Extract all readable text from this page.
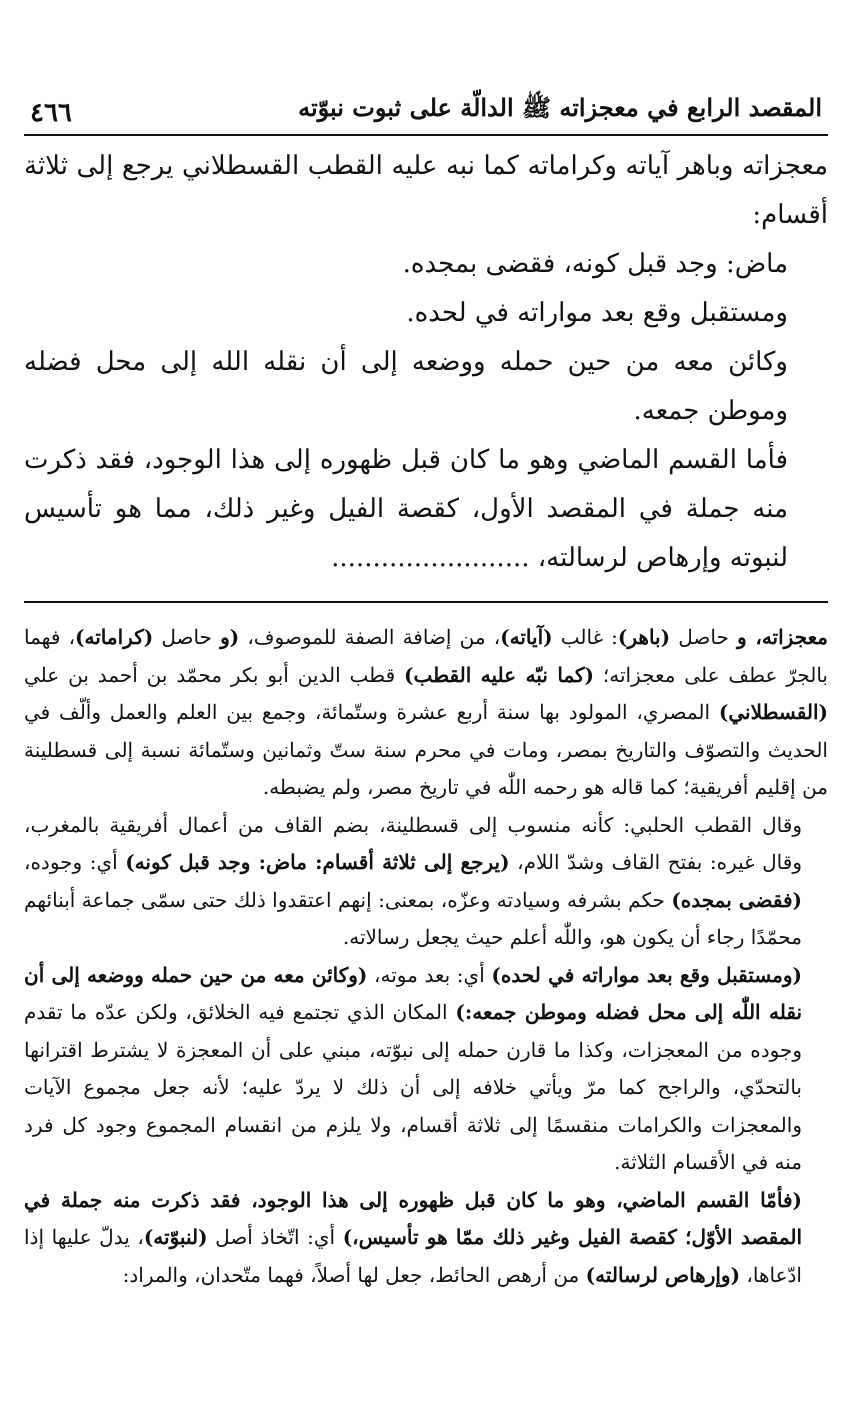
المقصد الرابع في معجزاته ﷺ الدالّة على ثبوت نبوّته
٤٦٦

معجزاته وباهر آياته وكراماته كما نبه عليه القطب القسطلاني يرجع إلى ثلاثة أقسام:

ماض: وجد قبل كونه، فقضى بمجده.

ومستقبل وقع بعد مواراته في لحده.

وكائن معه من حين حمله ووضعه إلى أن نقله الله إلى محل فضله وموطن جمعه.

فأما القسم الماضي وهو ما كان قبل ظهوره إلى هذا الوجود، فقد ذكرت منه جملة في المقصد الأول، كقصة الفيل وغير ذلك، مما هو تأسيس لنبوته وإرهاص لرسالته، ........................

معجزاته، و حاصل (باهر): غالب (آياته)، من إضافة الصفة للموصوف، (و حاصل (كراماته)، فهما بالجرّ عطف على معجزاته؛ (كما نبّه عليه القطب) قطب الدين أبو بكر محمّد بن أحمد بن علي (القسطلاني) المصري، المولود بها سنة أربع عشرة وستّمائة، وجمع بين العلم والعمل وألّف في الحديث والتصوّف والتاريخ بمصر، ومات في محرم سنة ستّ وثمانين وستّمائة نسبة إلى قسطلينة من إقليم أفريقية؛ كما قاله هو رحمه اللّٰه في تاريخ مصر، ولم يضبطه.

وقال القطب الحلبي: كأنه منسوب إلى قسطلينة، بضم القاف من أعمال أفريقية بالمغرب، وقال غيره: بفتح القاف وشدّ اللام، (يرجع إلى ثلاثة أقسام: ماض: وجد قبل كونه) أي: وجوده، (فقضى بمجده) حكم بشرفه وسيادته وعزّه، بمعنى: إنهم اعتقدوا ذلك حتى سمّى جماعة أبنائهم محمّدًا رجاء أن يكون هو، واللّٰه أعلم حيث يجعل رسالاته.

(ومستقبل وقع بعد مواراته في لحده) أي: بعد موته، (وكائن معه من حين حمله ووضعه إلى أن نقله اللّٰه إلى محل فضله وموطن جمعه:) المكان الذي تجتمع فيه الخلائق، ولكن عدّه ما تقدم وجوده من المعجزات، وكذا ما قارن حمله إلى نبوّته، مبني على أن المعجزة لا يشترط اقترانها بالتحدّي، والراجح كما مرّ ويأتي خلافه إلى أن ذلك لا يردّ عليه؛ لأنه جعل مجموع الآيات والمعجزات والكرامات منقسمًا إلى ثلاثة أقسام، ولا يلزم من انقسام المجموع وجود كل فرد منه في الأقسام الثلاثة.

(فأمّا القسم الماضي، وهو ما كان قبل ظهوره إلى هذا الوجود، فقد ذكرت منه جملة في المقصد الأوّل؛ كقصة الفيل وغير ذلك ممّا هو تأسيس،) أي: اتّخاذ أصل (لنبوّته)، يدلّ عليها إذا ادّعاها، (وإرهاص لرسالته) من أرهص الحائط، جعل لها أصلاً، فهما متّحدان، والمراد:
